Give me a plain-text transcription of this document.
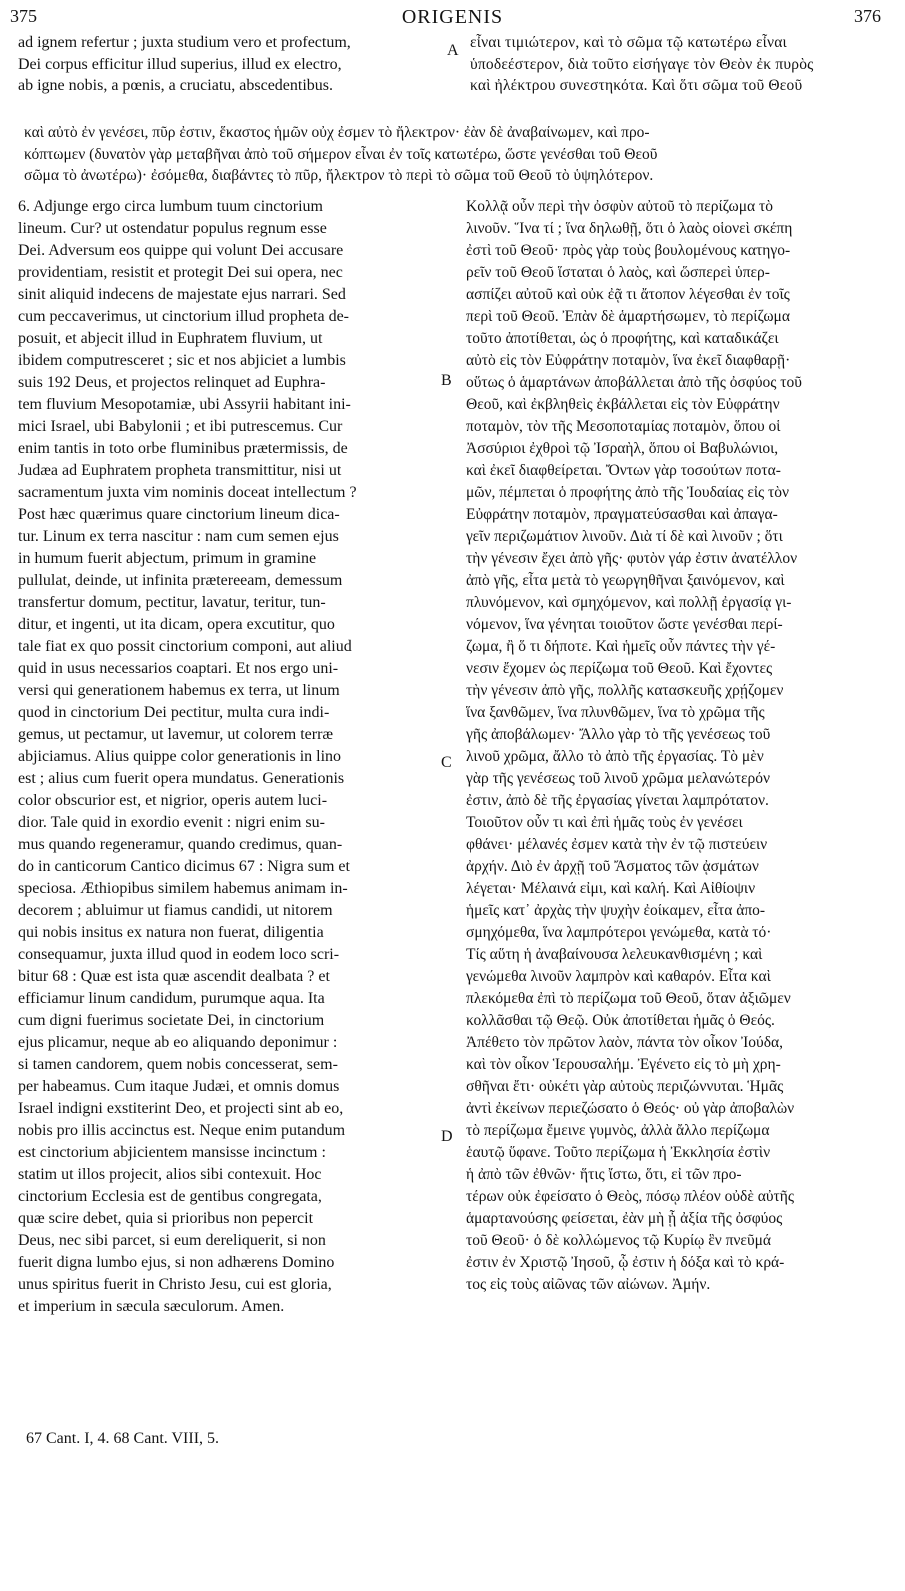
375	ORIGENIS	376
ad ignem refertur ; juxta studium vero et profectum,
Dei corpus efficitur illud superius, illud ex electro,
ab igne nobis, a pœnis, a cruciatu, abscedentibus.
A εἶναι τιμιώτερον, καὶ τὸ σῶμα τῷ κατωτέρω εἶναι
ὑποδεέστερον, διὰ τοῦτο εἰσήγαγε τὸν Θεὸν ἐκ πυρὸς
καὶ ἠλέκτρου συνεστηκότα. Καὶ ὅτι σῶμα τοῦ Θεοῦ
καὶ αὐτὸ ἐν γενέσει, πῦρ ἐστιν, ἕκαστος ἡμῶν οὐχ ἐσμεν τὸ ἤλεκτρον· ἐὰν δὲ ἀναβαίνωμεν, καὶ προ-
κόπτωμεν (δυνατὸν γὰρ μεταβῆναι ἀπὸ τοῦ σήμερον εἶναι ἐν τοῖς κατωτέρω, ὥστε γενέσθαι τοῦ Θεοῦ
σῶμα τὸ ἀνωτέρω)· ἐσόμεθα, διαβάντες τὸ πῦρ, ἤλεκτρον τὸ περὶ τὸ σῶμα τοῦ Θεοῦ τὸ ὑψηλότερον.
6. Adjunge ergo circa lumbum tuum cinctorium
lineum. Cur? ut ostendatur populus regnum esse
Dei. Adversum eos quippe qui volunt Dei accusare
providentiam, resistit et protegit Dei sui opera, nec
sinit aliquid indecens de majestate ejus narrari. Sed
cum peccaverimus, ut cinctorium illud propheta de-
posuit, et abjecit illud in Euphratem fluvium, ut
ibidem computresceret ; sic et nos abjiciet a lumbis
suis 192 Deus, et projectos relinquet ad Euphra-
tem fluvium Mesopotamiæ, ubi Assyrii habitant ini-
mici Israel, ubi Babylonii ; et ibi putrescemus. Cur
enim tantis in toto orbe fluminibus prætermissis, de
Judæa ad Euphratem propheta transmittitur, nisi ut
sacramentum juxta vim nominis doceat intellectum ?
Post hæc quærimus quare cinctorium lineum dica-
tur. Linum ex terra nascitur : nam cum semen ejus
in humum fuerit abjectum, primum in gramine
pullulat, deinde, ut infinita prætereeam, demessum
transfertur domum, pectitur, lavatur, teritur, tun-
ditur, et ingenti, ut ita dicam, opera excutitur, quo
tale fiat ex quo possit cinctorium componi, aut aliud
quid in usus necessarios coaptari. Et nos ergo uni-
versi qui generationem habemus ex terra, ut linum
quod in cinctorium Dei pectitur, multa cura indi-
gemus, ut pectamur, ut lavemur, ut colorem terræ
abjiciamus. Alius quippe color generationis in lino
est ; alius cum fuerit opera mundatus. Generationis
color obscurior est, et nigrior, operis autem luci-
dior. Tale quid in exordio evenit : nigri enim su-
mus quando regeneramur, quando credimus, quan-
do in canticorum Cantico dicimus 67 : Nigra sum et
speciosa. Æthiopibus similem habemus animam in-
decorem ; abluimur ut fiamus candidi, ut nitorem
qui nobis insitus ex natura non fuerat, diligentia
consequamur, juxta illud quod in eodem loco scri-
bitur 68 : Quæ est ista quæ ascendit dealbata ? et
efficiamur linum candidum, purumque aqua. Ita
cum digni fuerimus societate Dei, in cinctorium
ejus plicamur, neque ab eo aliquando deponimur :
si tamen candorem, quem nobis concesserat, sem-
per habeamus. Cum itaque Judæi, et omnis domus
Israel indigni exstiterint Deo, et projecti sint ab eo,
nobis pro illis accinctus est. Neque enim putandum
est cinctorium abjicientem mansisse incinctum :
statim ut illos projecit, alios sibi contexuit. Hoc
cinctorium Ecclesia est de gentibus congregata,
quæ scire debet, quia si prioribus non pepercit
Deus, nec sibi parcet, si eum dereliquerit, si non
fuerit digna lumbo ejus, si non adhærens Domino
unus spiritus fuerit in Christo Jesu, cui est gloria,
et imperium in sæcula sæculorum. Amen.
B
C
D
Κολλᾷ οὖν περὶ τὴν ὀσφὺν αὐτοῦ τὸ περίζωμα τὸ
λινοῦν. Ἵνα τί ; ἵνα δηλωθῇ, ὅτι ὁ λαὸς οἱονεὶ σκέπη
ἐστὶ τοῦ Θεοῦ· πρὸς γὰρ τοὺς βουλομένους κατηγο-
ρεῖν τοῦ Θεοῦ ἵσταται ὁ λαὸς, καὶ ὥσπερεὶ ὑπερ-
ασπίζει αὐτοῦ καὶ οὐκ ἐᾷ τι ἄτοπον λέγεσθαι ἐν τοῖς
περὶ τοῦ Θεοῦ. Ἐπὰν δὲ ἁμαρτήσωμεν, τὸ περίζωμα
τοῦτο ἀποτίθεται, ὡς ὁ προφήτης, καὶ καταδικάζει
αὐτὸ εἰς τὸν Εὐφράτην ποταμὸν, ἵνα ἐκεῖ διαφθαρῇ·
οὕτως ὁ ἁμαρτάνων ἀποβάλλεται ἀπὸ τῆς ὀσφύος τοῦ
Θεοῦ, καὶ ἐκβληθεὶς ἐκβάλλεται εἰς τὸν Εὐφράτην
ποταμὸν, τὸν τῆς Μεσοποταμίας ποταμὸν, ὅπου οἱ
Ἀσσύριοι ἐχθροὶ τῷ Ἰσραὴλ, ὅπου οἱ Βαβυλώνιοι,
καὶ ἐκεῖ διαφθείρεται. Ὄντων γὰρ τοσούτων ποτα-
μῶν, πέμπεται ὁ προφήτης ἀπὸ τῆς Ἰουδαίας εἰς τὸν
Εὐφράτην ποταμὸν, πραγματεύσασθαι καὶ ἀπαγα-
γεῖν περιζωμάτιον λινοῦν. Διὰ τί δὲ καὶ λινοῦν ; ὅτι
τὴν γένεσιν ἔχει ἀπὸ γῆς· φυτὸν γάρ ἐστιν ἀνατέλλον
ἀπὸ γῆς, εἶτα μετὰ τὸ γεωργηθῆναι ξαινόμενον, καὶ
πλυνόμενον, καὶ σμηχόμενον, καὶ πολλῇ ἐργασίᾳ γι-
νόμενον, ἵνα γένηται τοιοῦτον ὥστε γενέσθαι περί-
ζωμα, ἢ ὅ τι δήποτε. Καὶ ἡμεῖς οὖν πάντες τὴν γέ-
νεσιν ἔχομεν ὡς περίζωμα τοῦ Θεοῦ. Καὶ ἔχοντες
τὴν γένεσιν ἀπὸ γῆς, πολλῆς κατασκευῆς χρῄζομεν
ἵνα ξανθῶμεν, ἵνα πλυνθῶμεν, ἵνα τὸ χρῶμα τῆς
γῆς ἀποβάλωμεν· Ἄλλο γὰρ τὸ τῆς γενέσεως τοῦ
λινοῦ χρῶμα, ἄλλο τὸ ἀπὸ τῆς ἐργασίας. Τὸ μὲν
γὰρ τῆς γενέσεως τοῦ λινοῦ χρῶμα μελανώτερόν
ἐστιν, ἀπὸ δὲ τῆς ἐργασίας γίνεται λαμπρότατον.
Τοιοῦτον οὖν τι καὶ ἐπὶ ἡμᾶς τοὺς ἐν γενέσει
φθάνει· μέλανές ἐσμεν κατὰ τὴν ἐν τῷ πιστεύειν
ἀρχήν. Διὸ ἐν ἀρχῇ τοῦ Ἄσματος τῶν ᾀσμάτων
λέγεται· Μέλαινά εἰμι, καὶ καλή. Καὶ Αἰθίοψιν
ἡμεῖς κατ᾽ ἀρχὰς τὴν ψυχὴν ἐοίκαμεν, εἶτα ἀπο-
σμηχόμεθα, ἵνα λαμπρότεροι γενώμεθα, κατὰ τό·
Τίς αὕτη ἡ ἀναβαίνουσα λελευκανθισμένη ; καὶ
γενώμεθα λινοῦν λαμπρὸν καὶ καθαρόν. Εἶτα καὶ
πλεκόμεθα ἐπὶ τὸ περίζωμα τοῦ Θεοῦ, ὅταν ἀξιῶμεν
κολλᾶσθαι τῷ Θεῷ. Οὐκ ἀποτίθεται ἡμᾶς ὁ Θεός.
Ἀπέθετο τὸν πρῶτον λαὸν, πάντα τὸν οἶκον Ἰούδα,
καὶ τὸν οἶκον Ἱερουσαλήμ. Ἐγένετο εἰς τὸ μὴ χρη-
σθῆναι ἔτι· οὐκέτι γὰρ αὐτοὺς περιζώννυται. Ἡμᾶς
ἀντὶ ἐκείνων περιεζώσατο ὁ Θεός· οὐ γὰρ ἀποβαλὼν
τὸ περίζωμα ἔμεινε γυμνὸς, ἀλλὰ ἄλλο περίζωμα
ἑαυτῷ ὕφανε. Τοῦτο περίζωμα ἡ Ἐκκλησία ἐστὶν
ἡ ἀπὸ τῶν ἐθνῶν· ἥτις ἴστω, ὅτι, εἰ τῶν προ-
τέρων οὐκ ἐφείσατο ὁ Θεὸς, πόσῳ πλέον οὐδὲ αὐτῆς
ἁμαρτανούσης φείσεται, ἐὰν μὴ ᾖ ἀξία τῆς ὀσφύος
τοῦ Θεοῦ· ὁ δὲ κολλώμενος τῷ Κυρίῳ ἓν πνεῦμά
ἐστιν ἐν Χριστῷ Ἰησοῦ, ᾧ ἐστιν ἡ δόξα καὶ τὸ κρά-
τος εἰς τοὺς αἰῶνας τῶν αἰώνων. Ἀμήν.
67 Cant. I, 4. 68 Cant. VIII, 5.
